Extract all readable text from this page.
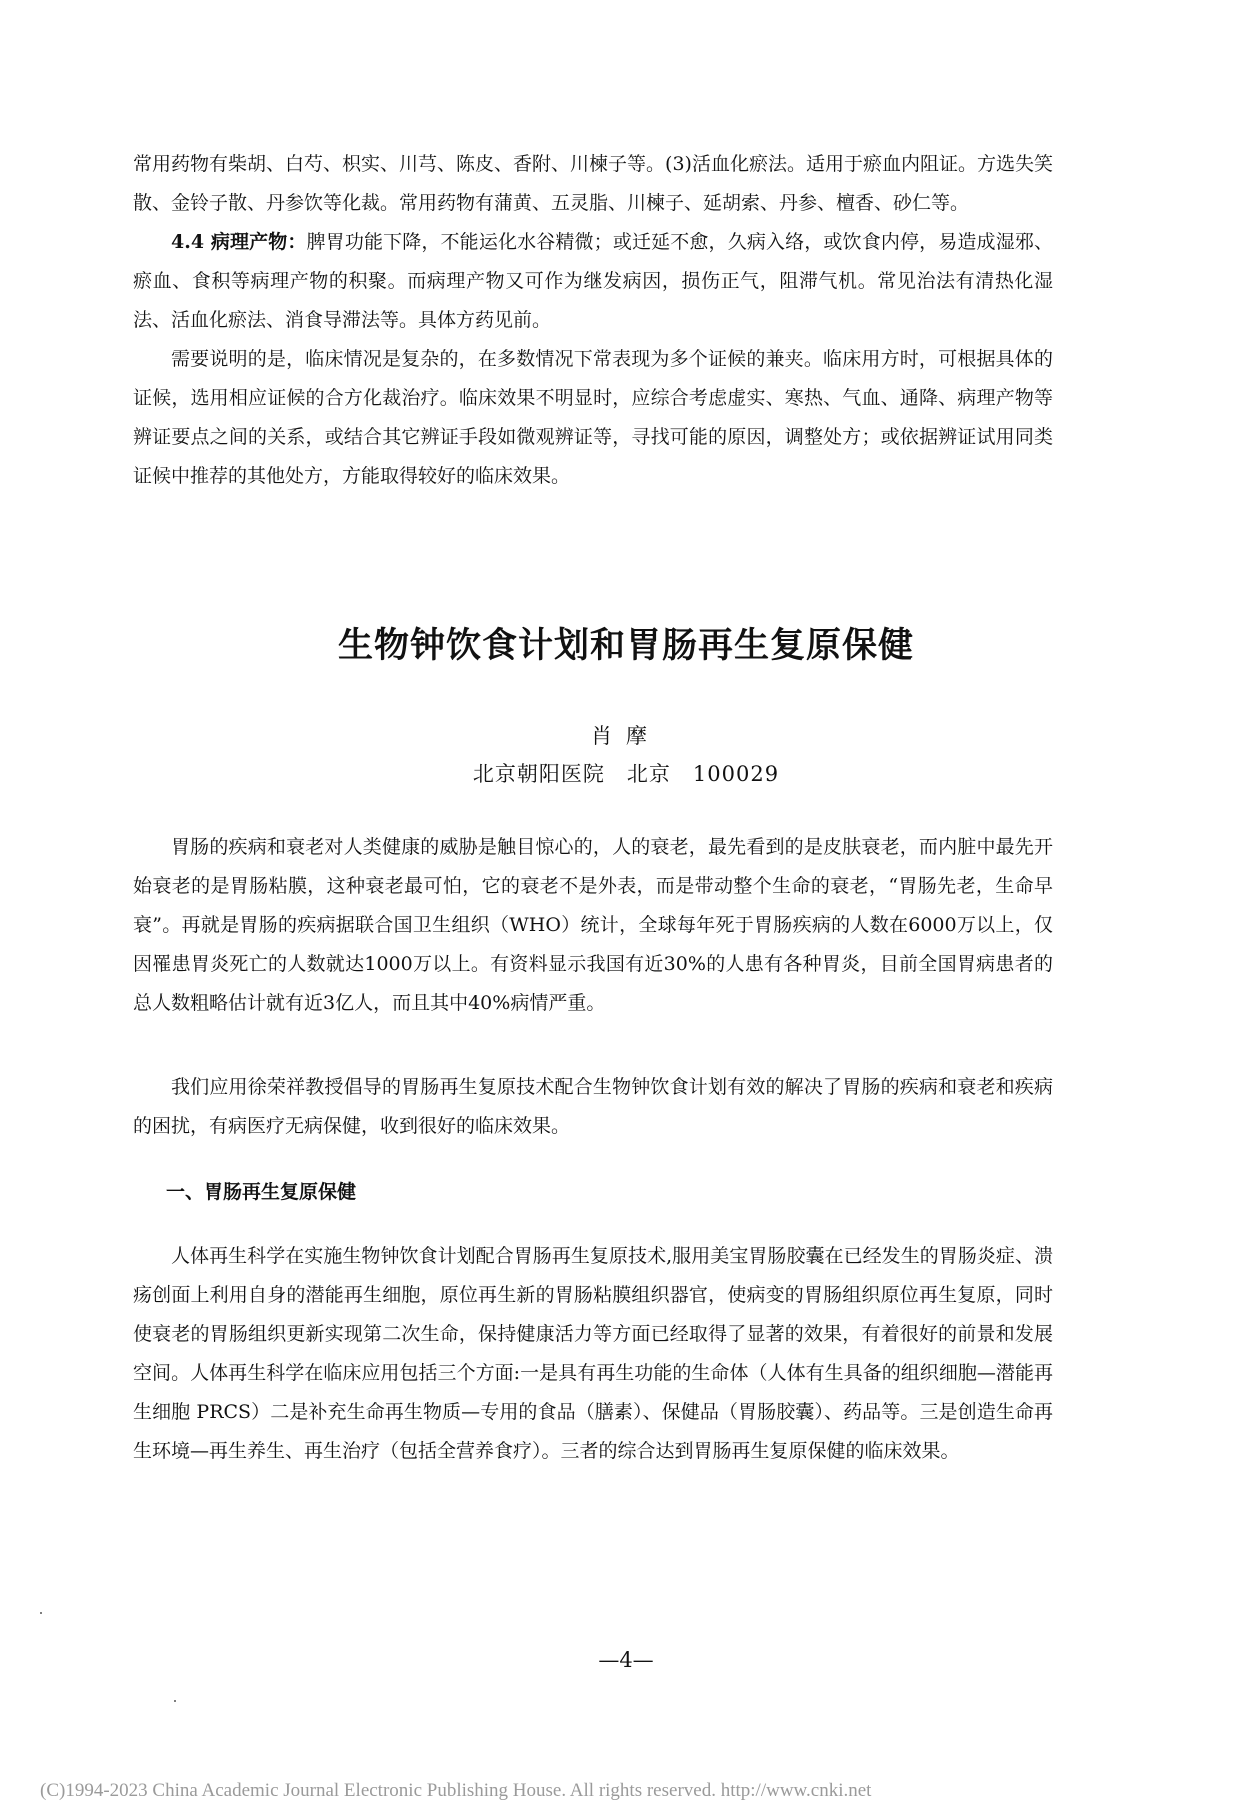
常用药物有柴胡、白芍、枳实、川芎、陈皮、香附、川楝子等。(3)活血化瘀法。适用于瘀血内阻证。方选失笑散、金铃子散、丹参饮等化裁。常用药物有蒲黄、五灵脂、川楝子、延胡索、丹参、檀香、砂仁等。

4.4 病理产物：脾胃功能下降，不能运化水谷精微；或迁延不愈，久病入络，或饮食内停，易造成湿邪、瘀血、食积等病理产物的积聚。而病理产物又可作为继发病因，损伤正气，阻滞气机。常见治法有清热化湿法、活血化瘀法、消食导滞法等。具体方药见前。

需要说明的是，临床情况是复杂的，在多数情况下常表现为多个证候的兼夹。临床用方时，可根据具体的证候，选用相应证候的合方化裁治疗。临床效果不明显时，应综合考虑虚实、寒热、气血、通降、病理产物等辨证要点之间的关系，或结合其它辨证手段如微观辨证等，寻找可能的原因，调整处方；或依据辨证试用同类证候中推荐的其他处方，方能取得较好的临床效果。

生物钟饮食计划和胃肠再生复原保健
肖摩
北京朝阳医院　北京　100029

胃肠的疾病和衰老对人类健康的威胁是触目惊心的，人的衰老，最先看到的是皮肤衰老，而内脏中最先开始衰老的是胃肠粘膜，这种衰老最可怕，它的衰老不是外表，而是带动整个生命的衰老，“胃肠先老，生命早衰”。再就是胃肠的疾病据联合国卫生组织（WHO）统计，全球每年死于胃肠疾病的人数在6000万以上，仅因罹患胃炎死亡的人数就达1000万以上。有资料显示我国有近30%的人患有各种胃炎，目前全国胃病患者的总人数粗略估计就有近3亿人，而且其中40%病情严重。

我们应用徐荣祥教授倡导的胃肠再生复原技术配合生物钟饮食计划有效的解决了胃肠的疾病和衰老和疾病的困扰，有病医疗无病保健，收到很好的临床效果。

一、胃肠再生复原保健

人体再生科学在实施生物钟饮食计划配合胃肠再生复原技术,服用美宝胃肠胶囊在已经发生的胃肠炎症、溃疡创面上利用自身的潜能再生细胞，原位再生新的胃肠粘膜组织器官，使病变的胃肠组织原位再生复原，同时使衰老的胃肠组织更新实现第二次生命，保持健康活力等方面已经取得了显著的效果，有着很好的前景和发展空间。人体再生科学在临床应用包括三个方面:一是具有再生功能的生命体（人体有生具备的组织细胞—潜能再生细胞 PRCS）二是补充生命再生物质—专用的食品（膳素）、保健品（胃肠胶囊）、药品等。三是创造生命再生环境—再生养生、再生治疗（包括全营养食疗）。三者的综合达到胃肠再生复原保健的临床效果。

—4—
(C)1994-2023 China Academic Journal Electronic Publishing House. All rights reserved. http://www.cnki.net
